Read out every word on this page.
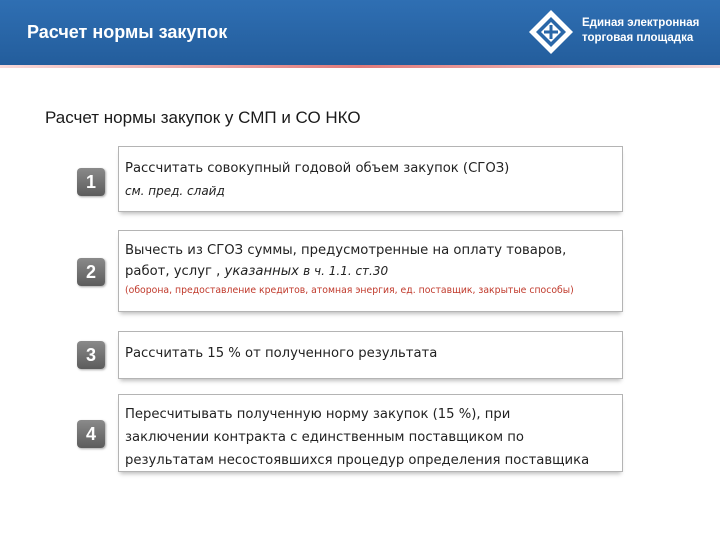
Расчет нормы закупок	Единая электронная
торговая площадка
Расчет нормы закупок у СМП и СО НКО
1
Рассчитать совокупный годовой объем закупок (СГОЗ)
см. пред. слайд
2
Вычесть из СГОЗ суммы, предусмотренные на оплату товаров,
работ, услуг , указанных в ч. 1.1. ст.30
(оборона, предоставление кредитов, атомная энергия, ед. поставщик, закрытые способы)
3	Рассчитать 15 % от полученного результата
4
Пересчитывать полученную норму закупок (15 %), при
заключении контракта с единственным поставщиком по
результатам несостоявшихся процедур определения поставщика
